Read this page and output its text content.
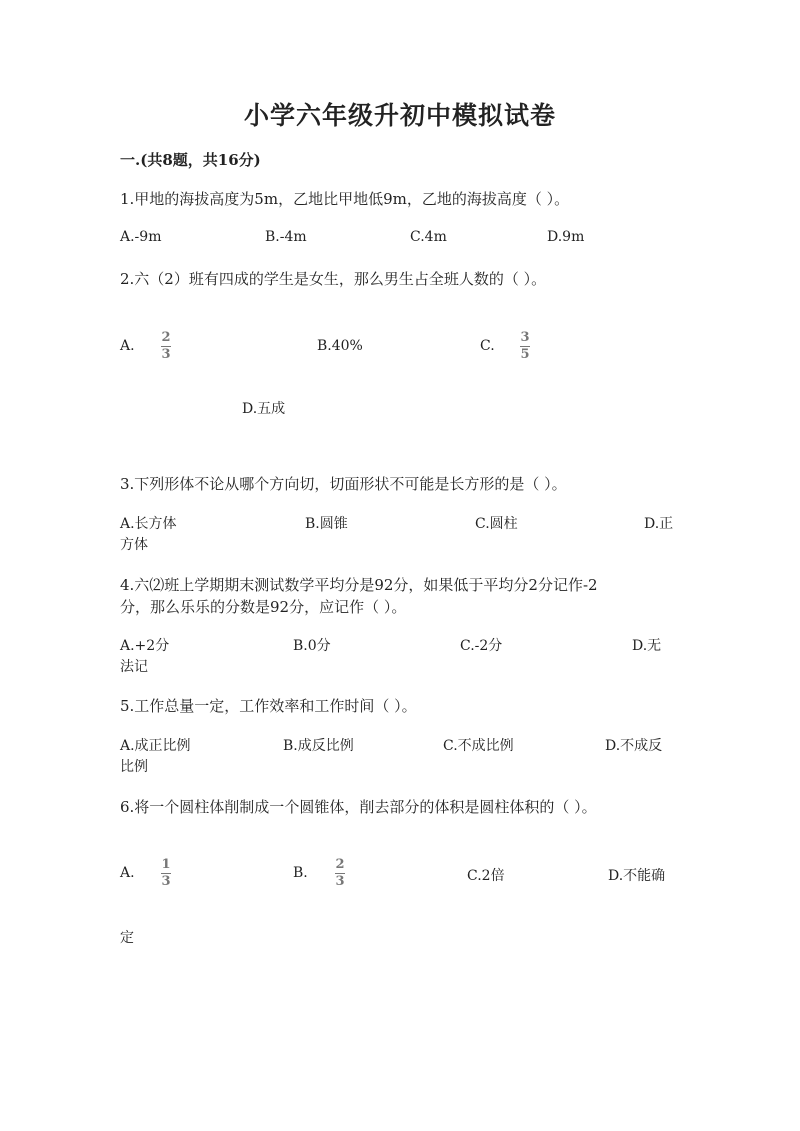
小学六年级升初中模拟试卷
一.(共8题，共16分)
1.甲地的海拔高度为5m，乙地比甲地低9m，乙地的海拔高度（ ）。
A.-9m	B.-4m	C.4m	D.9m
2.六（2）班有四成的学生是女生，那么男生占全班人数的（ ）。
A.
2
3
B.40%	C.
3
5
D.五成
3.下列形体不论从哪个方向切，切面形状不可能是长方形的是（ ）。
A.长方体	B.圆锥	C.圆柱	D.正
方体
4.六⑵班上学期期末测试数学平均分是92分，如果低于平均分2分记作-2
分，那么乐乐的分数是92分，应记作（ ）。
A.+2分	B.0分	C.-2分	D.无
法记
5.工作总量一定，工作效率和工作时间（ ）。
A.成正比例	B.成反比例	C.不成比例	D.不成反
比例
6.将一个圆柱体削制成一个圆锥体，削去部分的体积是圆柱体积的（ ）。
A.
1
3
B.
2
3	C.2倍	D.不能确
定
